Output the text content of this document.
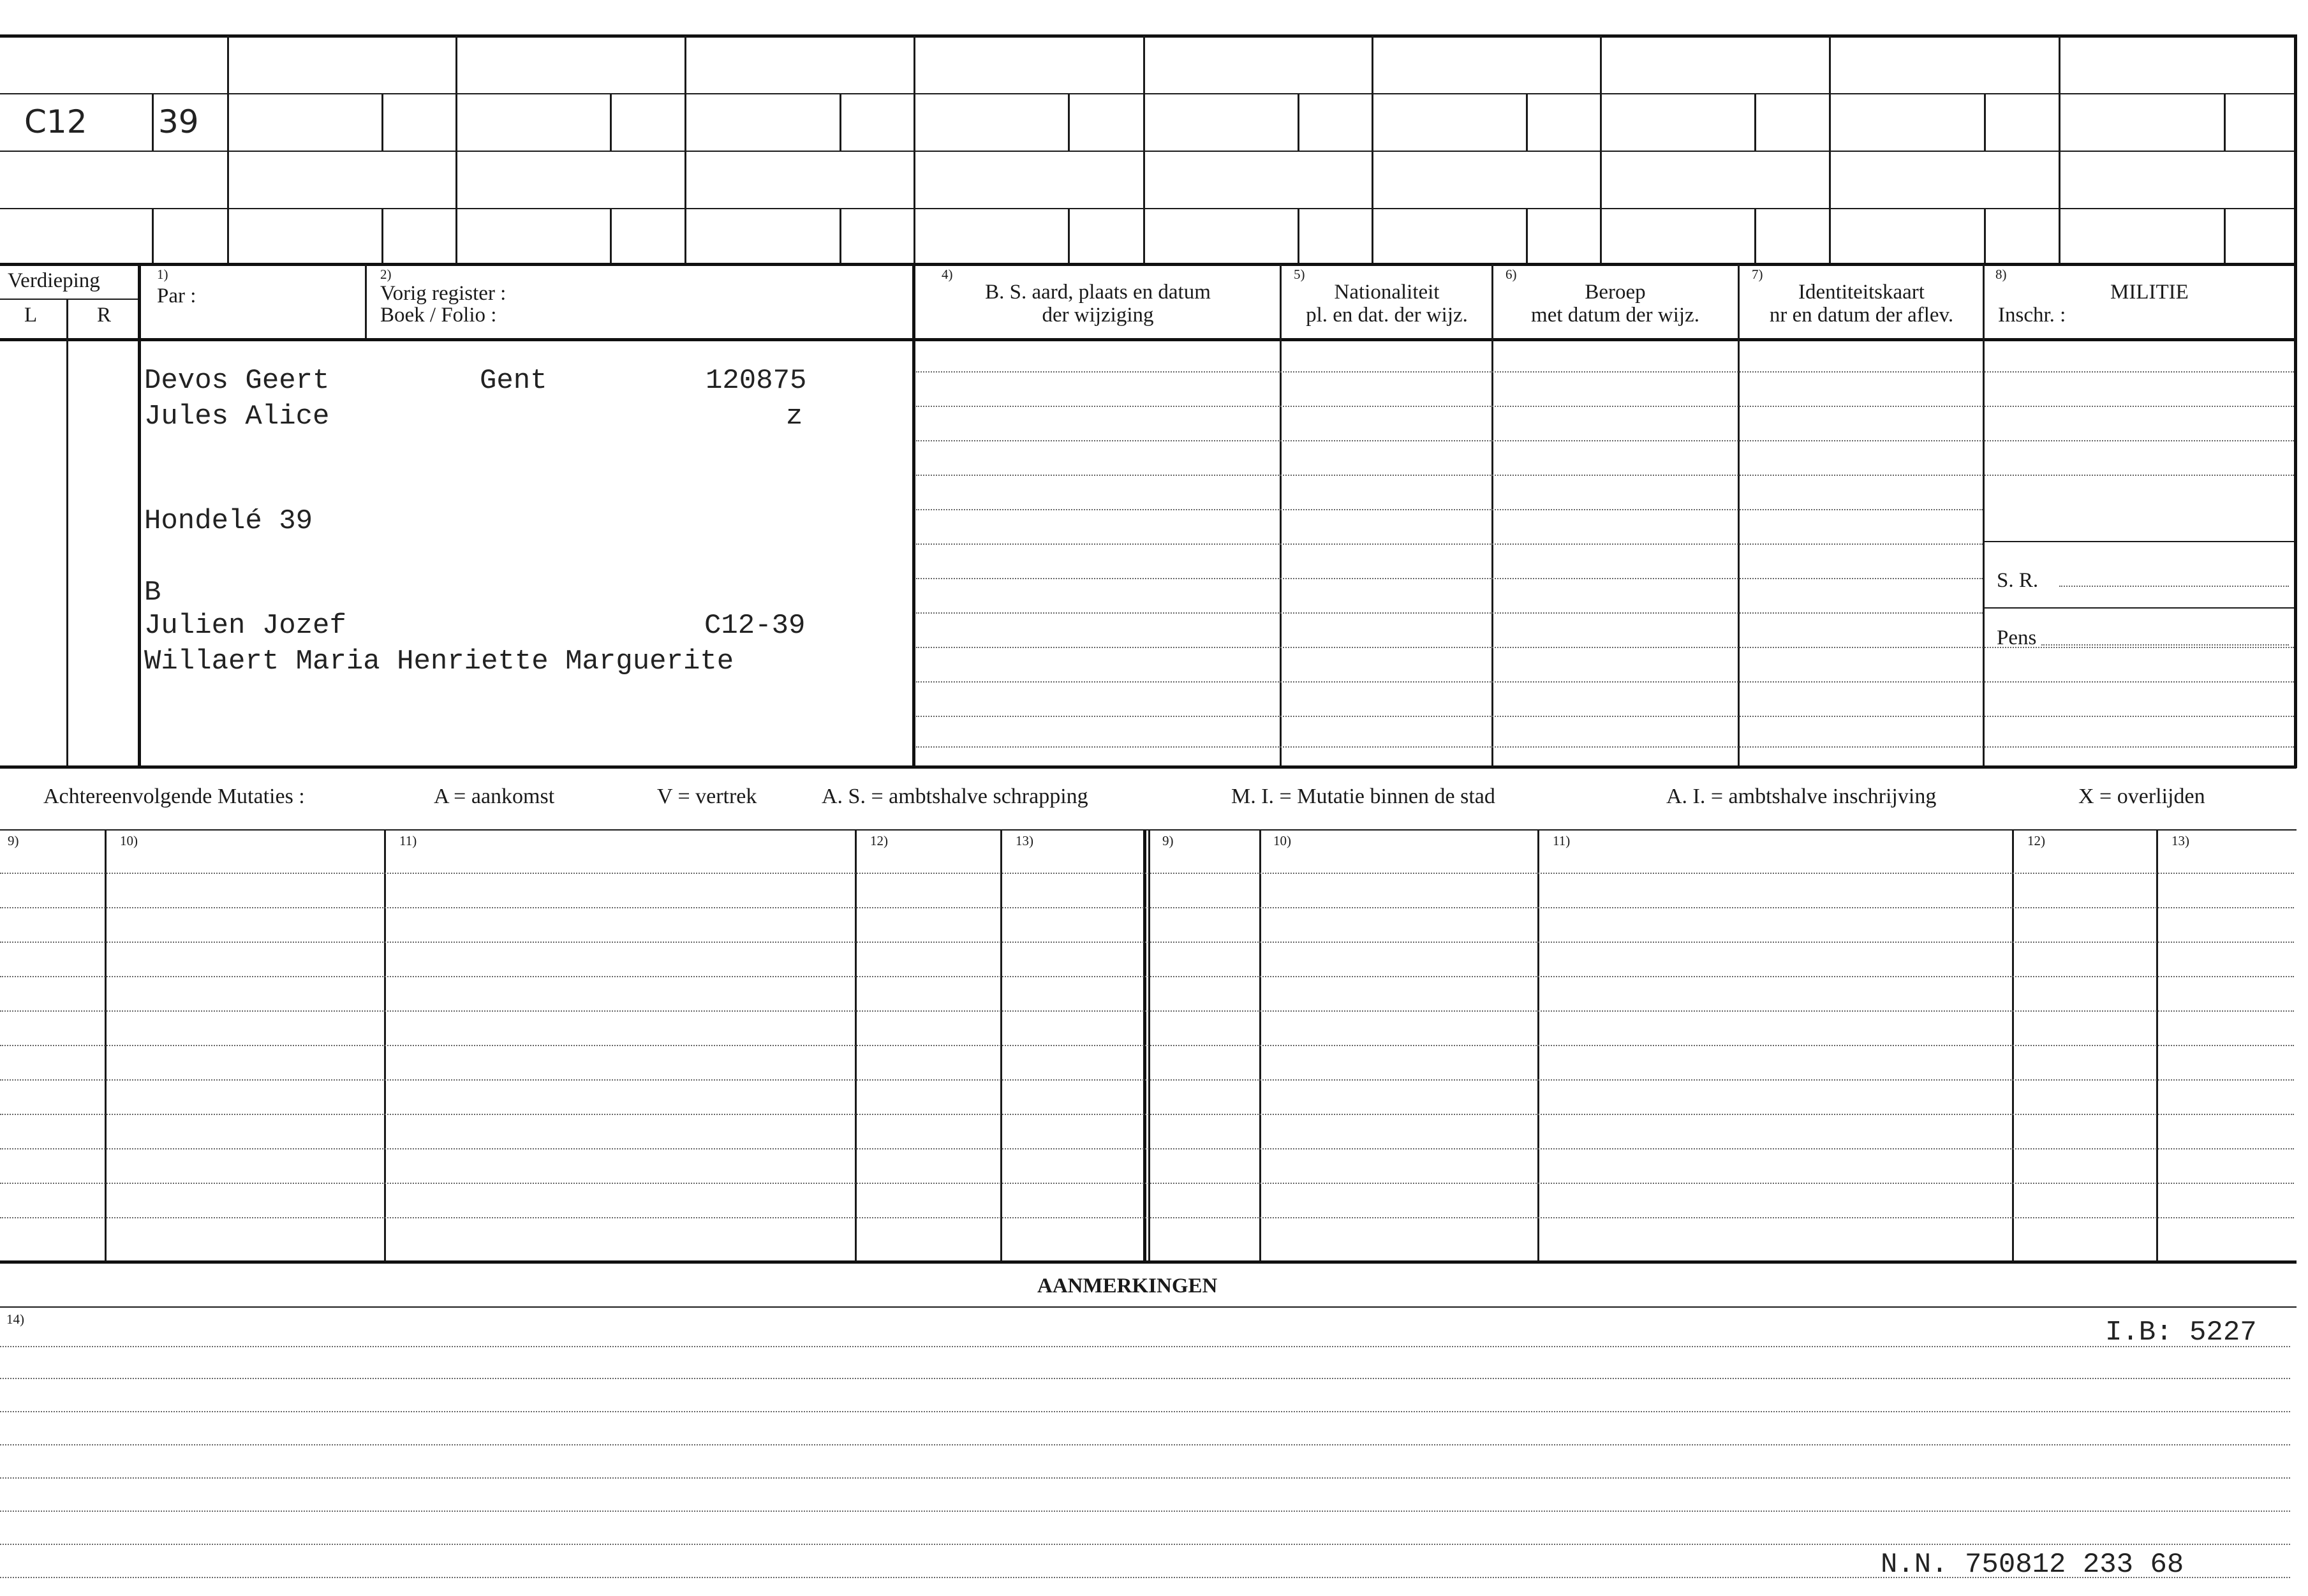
C12 39
Verdieping
L	R
1)
Par :
2)
Vorig register :
Boek / Folio :
4)
B. S. aard, plaats en datum
der wijziging
5)
Nationaliteit
pl. en dat. der wijz.
6)
Beroep
met datum der wijz.
7)
Identiteitskaart
nr en datum der aflev.
8)
MILITIE
Inschr. :
S. R.
Pens
Devos Geert	Gent	120875
Jules Alice	z
Hondelé 39
B
Julien Jozef	C12-39
Willaert Maria Henriette Marguerite
Achtereenvolgende Mutaties :	A = aankomst	V = vertrek	A. S. = ambtshalve schrapping	M. I. = Mutatie binnen de stad	A. I. = ambtshalve inschrijving	X = overlijden
9)	10)	11)	12)	13)	9)	10)	11)	12)	13)
AANMERKINGEN
14)	I.B: 5227
N.N. 750812 233 68
